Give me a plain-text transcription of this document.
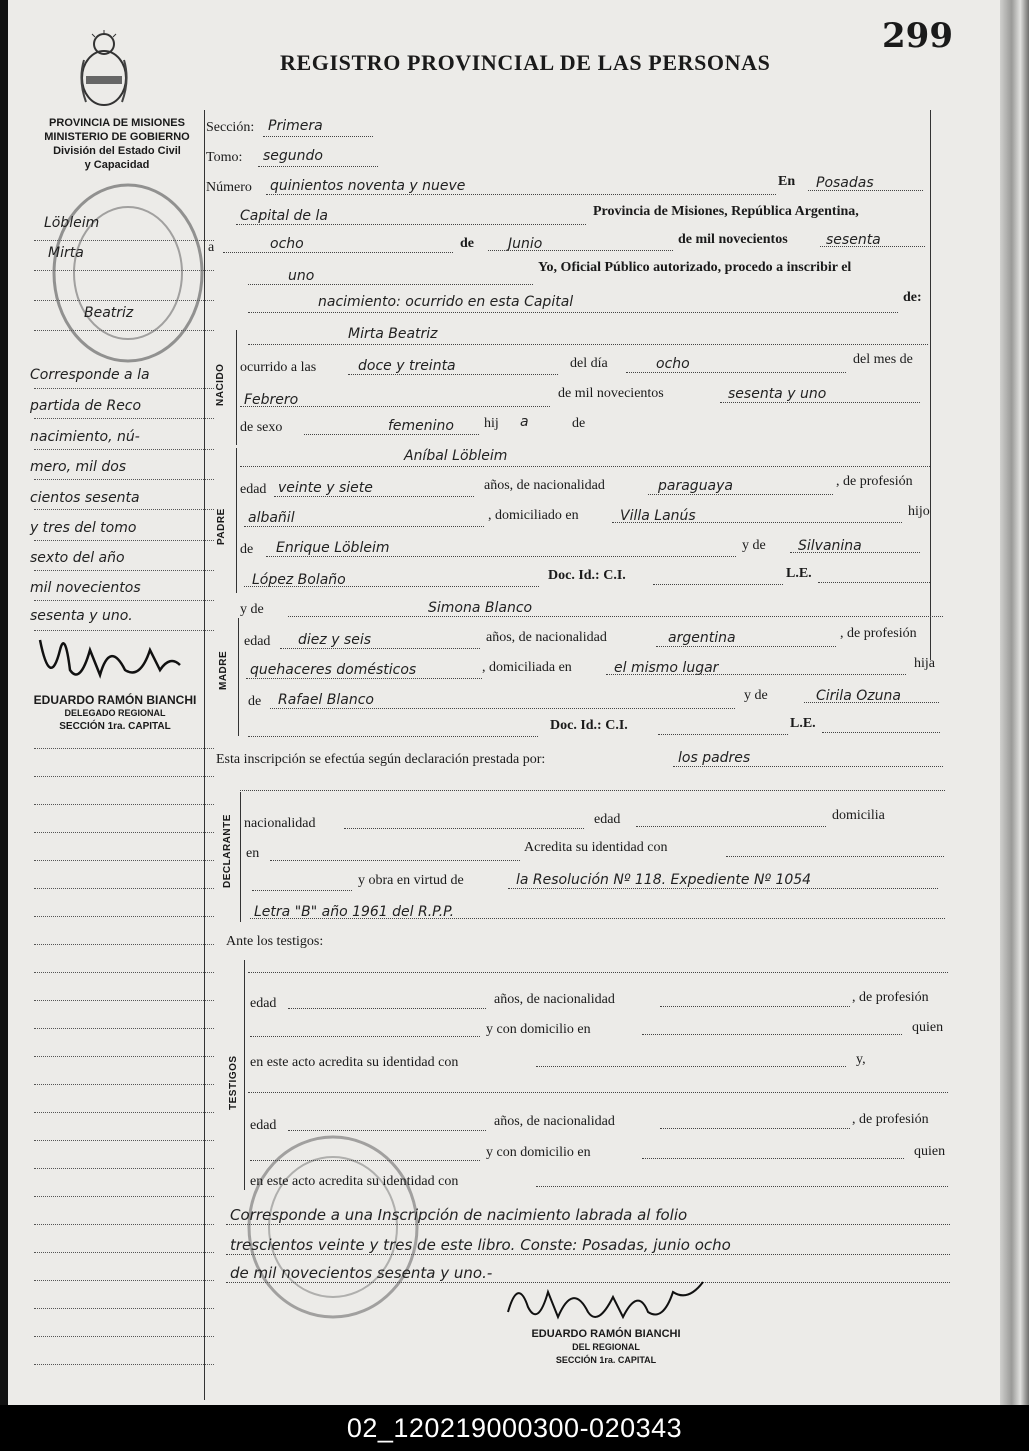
299
REGISTRO PROVINCIAL DE LAS PERSONAS
PROVINCIA DE MISIONES
MINISTERIO DE GOBIERNO
División del Estado Civil
y Capacidad
Löbleim
Mirta
Beatriz
Corresponde a la
partida de Reco
nacimiento, nú-
mero, mil dos
cientos sesenta
y tres del tomo
sexto del año
mil novecientos
sesenta y uno.
EDUARDO RAMÓN BIANCHI
DELEGADO REGIONAL
SECCIÓN 1ra. CAPITAL
Sección: Primera
Tomo: segundo
Número quinientos noventa y nueve	En Posadas
Capital de la	Provincia de Misiones, República Argentina,
a	ocho	de Junio	de mil novecientos	sesenta
uno
Yo, Oficial Público autorizado, procedo a inscribir el
nacimiento: ocurrido en esta Capital	de:
Mirta Beatriz
NACIDO ocurrido a las	doce y treinta	del día	ocho	del mes de
Febrero	de mil novecientos	sesenta y uno
de sexo	femenino hij a	de
PADRE
Aníbal Löbleim
edad veinte y siete	años, de nacionalidad	paraguaya	, de profesión
albañil	, domiciliado en	Villa Lanús	hijo
de Enrique Löbleim	y de Silvanina
López Bolaño	Doc. Id.: C.I.	L.E.
MADRE
y de	Simona Blanco
edad diez y seis	años, de nacionalidad	argentina	, de profesión
quehaceres domésticos	, domiciliada en	el mismo lugar	hija
de Rafael Blanco	y de	Cirila Ozuna
Doc. Id.: C.I.	L.E.
Esta inscripción se efectúa según declaración prestada por:	los padres
DECLARANTE nacionalidad	edad	domicilia
en	Acredita su identidad con
y obra en virtud de	la Resolución Nº 118. Expediente Nº 1054
Letra "B" año 1961 del R.P.P.
Ante los testigos:
TESTIGOS
edad	años, de nacionalidad	, de profesión
y con domicilio en	quien
en este acto acredita su identidad con	y,
edad	años, de nacionalidad	, de profesión
y con domicilio en	quien
en este acto acredita su identidad con
Corresponde a una Inscripción de nacimiento labrada al folio
trescientos veinte y tres de este libro. Conste: Posadas, junio ocho
de mil novecientos sesenta y uno.-
EDUARDO RAMÓN BIANCHI
DEL REGIONAL
SECCIÓN 1ra. CAPITAL
02_120219000300-020343
